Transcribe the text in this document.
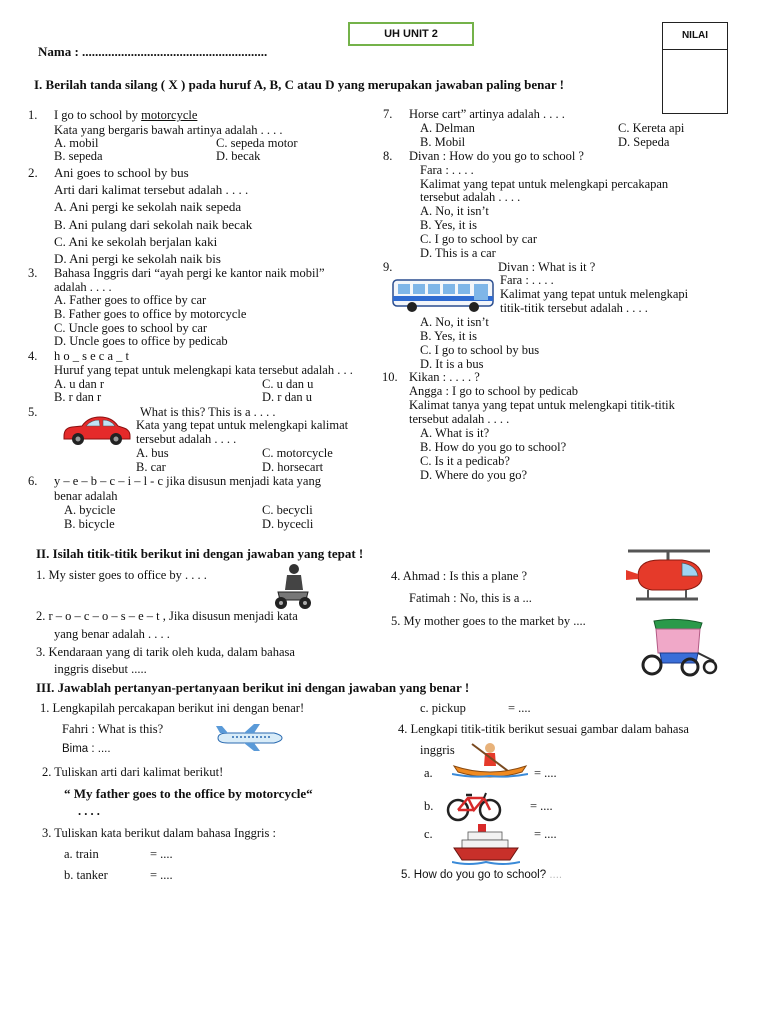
UH UNIT 2	NILAI
Nama : .........................................................
I. Berilah tanda silang ( X ) pada huruf A, B, C atau D yang merupakan jawaban paling benar !
1. I go to school by motorcycle
Kata yang bergaris bawah artinya adalah . . . .
A. mobil	C. sepeda motor
B. sepeda	D. becak
2. Ani goes to school by bus
Arti dari kalimat tersebut adalah . . . .
A. Ani pergi ke sekolah naik sepeda
B. Ani pulang dari sekolah naik becak
C. Ani ke sekolah berjalan kaki
D. Ani pergi ke sekolah naik bis
3. Bahasa Inggris dari “ayah pergi ke kantor naik mobil”
adalah . . . .
A. Father goes to office by car
B. Father goes to office by motorcycle
C. Uncle goes to school by car
D. Uncle goes to office by pedicab
4. h o _ s e c a _ t
Huruf yang tepat untuk melengkapi kata tersebut adalah . . .
A. u dan r	C. u dan u
B. r dan r	D. r dan u
5.	What is this? This is a . . . .
Kata yang tepat untuk melengkapi kalimat
tersebut adalah . . . .
A. bus	C. motorcycle
B. car	D. horsecart
6. y – e – b – c – i – l - c jika disusun menjadi kata yang
benar adalah
A. bycicle	C. becycli
B. bicycle	D. bycecli
7. Horse cart” artinya adalah . . . .
A. Delman	C. Kereta api
B. Mobil	D. Sepeda
8. Divan : How do you go to school ?
Fara : . . . .
Kalimat yang tepat untuk melengkapi percakapan
tersebut adalah . . . .
A. No, it isn’t
B. Yes, it is
C. I go to school by car
D. This is a car
9.	Divan : What is it ?
Fara : . . . .
Kalimat yang tepat untuk melengkapi
titik-titik tersebut adalah . . . .
A. No, it isn’t
B. Yes, it is
C. I go to school by bus
D. It is a bus
10. Kikan : . . . . ?
Angga : I go to school by pedicab
Kalimat tanya yang tepat untuk melengkapi titik-titik
tersebut adalah . . . .
A. What is it?
B. How do you go to school?
C. Is it a pedicab?
D. Where do you go?
II. Isilah titik-titik berikut ini dengan jawaban yang tepat !
1. My sister goes to office by . . . .
2. r – o – c – o – s – e – t , Jika disusun menjadi kata
yang benar adalah . . . .
3. Kendaraan yang di tarik oleh kuda, dalam bahasa
inggris disebut .....
4. Ahmad : Is this a plane ?
Fatimah : No, this is a ...
5. My mother goes to the market by ....
III. Jawablah pertanyan-pertanyaan berikut ini dengan jawaban yang benar !
1. Lengkapilah percakapan berikut ini dengan benar!
Fahri : What is this?
Bima : ....
2. Tuliskan arti dari kalimat berikut!
“ My father goes to the office by motorcycle“
. . . .
3. Tuliskan kata berikut dalam bahasa Inggris :
a. train	= ....
b. tanker	= ....
c. pickup	= ....
4. Lengkapi titik-titik berikut sesuai gambar dalam bahasa
inggris
a.	= ....
b.	= ....
c.	= ....
5. How do you go to school? ....
